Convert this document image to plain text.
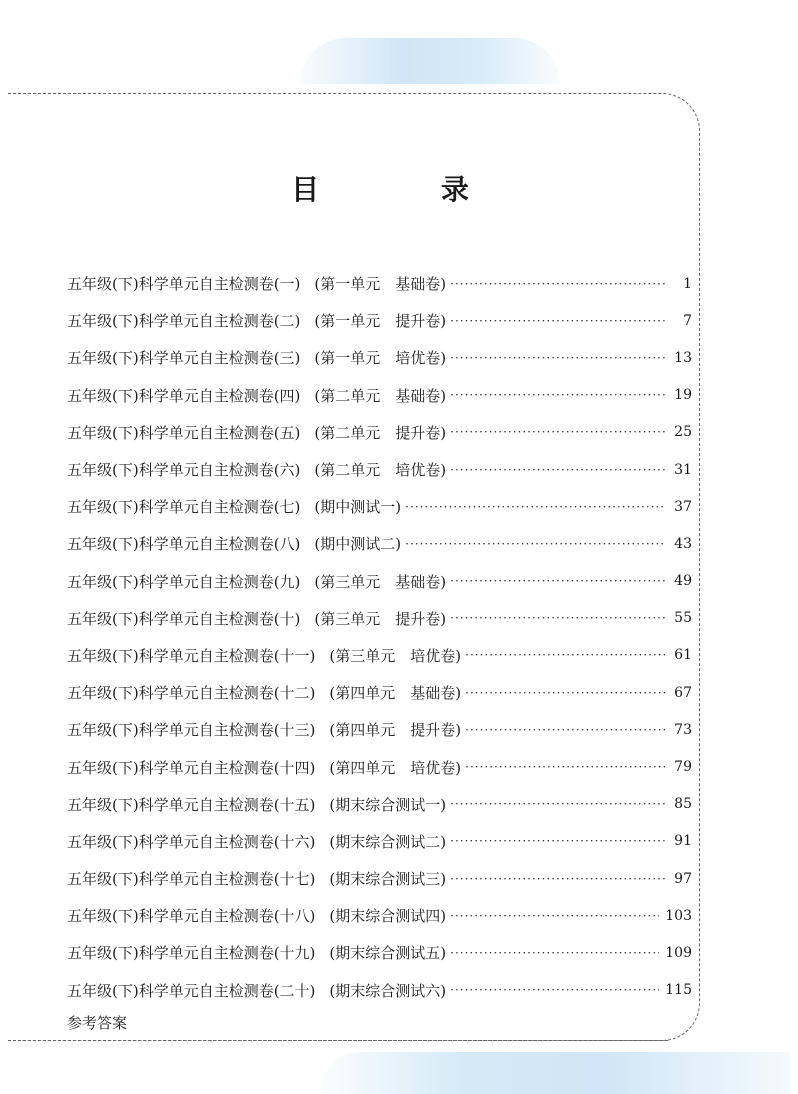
目 录
五年级(下)科学单元自主检测卷(一) (第一单元　基础卷) ·····	1
五年级(下)科学单元自主检测卷(二) (第一单元　提升卷) ·····	7
五年级(下)科学单元自主检测卷(三) (第一单元　培优卷) ·····	13
五年级(下)科学单元自主检测卷(四) (第二单元　基础卷) ·····	19
五年级(下)科学单元自主检测卷(五) (第二单元　提升卷) ·····	25
五年级(下)科学单元自主检测卷(六) (第二单元　培优卷) ·····	31
五年级(下)科学单元自主检测卷(七) (期中测试一) ·····	37
五年级(下)科学单元自主检测卷(八) (期中测试二) ·····	43
五年级(下)科学单元自主检测卷(九) (第三单元　基础卷) ·····	49
五年级(下)科学单元自主检测卷(十) (第三单元　提升卷) ·····	55
五年级(下)科学单元自主检测卷(十一) (第三单元　培优卷) ·····	61
五年级(下)科学单元自主检测卷(十二) (第四单元　基础卷) ·····	67
五年级(下)科学单元自主检测卷(十三) (第四单元　提升卷) ·····	73
五年级(下)科学单元自主检测卷(十四) (第四单元　培优卷) ·····	79
五年级(下)科学单元自主检测卷(十五) (期末综合测试一) ·····	85
五年级(下)科学单元自主检测卷(十六) (期末综合测试二) ·····	91
五年级(下)科学单元自主检测卷(十七) (期末综合测试三) ·····	97
五年级(下)科学单元自主检测卷(十八) (期末综合测试四) ·····	103
五年级(下)科学单元自主检测卷(十九) (期末综合测试五) ·····	109
五年级(下)科学单元自主检测卷(二十) (期末综合测试六) ·····	115
参考答案
